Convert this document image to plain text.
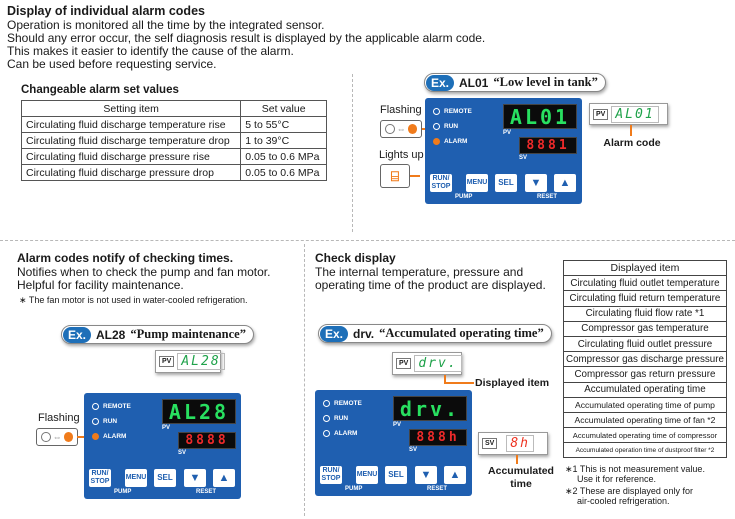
Display of individual alarm codes
Operation is monitored all the time by the integrated sensor.
Should any error occur, the self diagnosis result is displayed by the applicable alarm code.
This makes it easier to identify the cause of the alarm.
Can be used before requesting service.
Changeable alarm set values
Setting item	Set value
Circulating fluid discharge temperature rise	5 to 55°C
Circulating fluid discharge temperature drop	1 to 39°C
Circulating fluid discharge pressure rise	0.05 to 0.6 MPa
Circulating fluid discharge pressure drop	0.05 to 0.6 MPa
Ex. AL01 “Low level in tank”
Flashing
⇔
Lights up
⌸
REMOTE
RUN
ALARM
AL01
PV
8881
SV
RUN/ STOP
MENU	SEL	▼	▲
PUMP	RESET
PV AL01
Alarm code
Alarm codes notify of checking times.
Notifies when to check the pump and fan motor.
Helpful for facility maintenance.
∗ The fan motor is not used in water-cooled refrigeration.
Ex. AL28 “Pump maintenance”
PV AL28
Flashing
⇔
REMOTE
RUN
ALARM
AL28
PV
8888
SV
RUN/ STOP
MENU	SEL	▼	▲
PUMP	RESET
Check display
The internal temperature, pressure and
operating time of the product are displayed.
Ex. drv. “Accumulated operating time”
PV drv.
Displayed item
SV	8h
Accumulated
time
REMOTE
RUN
ALARM
drv.
PV
888h
SV
RUN/ STOP
MENU	SEL	▼	▲
PUMP	RESET
Displayed item
Circulating fluid outlet temperature
Circulating fluid return temperature
Circulating fluid flow rate *1
Compressor gas temperature
Circulating fluid outlet pressure
Compressor gas discharge pressure
Compressor gas return pressure
Accumulated operating time
Accumulated operating time of pump
Accumulated operating time of fan *2
Accumulated operating time of compressor
Accumulated operation time of dustproof filter *2
∗1 This is not measurement value.
Use it for reference.
∗2 These are displayed only for
air-cooled refrigeration.
